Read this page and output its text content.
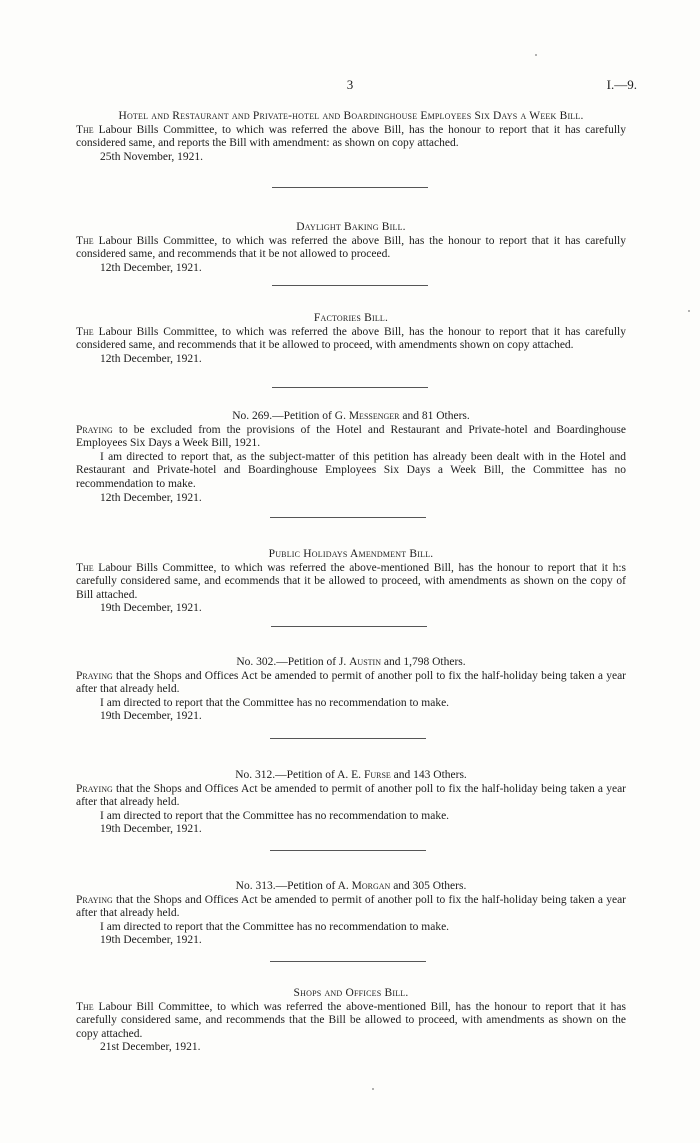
3	I.—9.
Hotel and Restaurant and Private-hotel and Boardinghouse Employees Six Days a Week Bill.
The Labour Bills Committee, to which was referred the above Bill, has the honour to report that it has carefully considered same, and reports the Bill with amendment: as shown on copy attached.
25th November, 1921.
Daylight Baking Bill.
The Labour Bills Committee, to which was referred the above Bill, has the honour to report that it has carefully considered same, and recommends that it be not allowed to proceed.
12th December, 1921.
Factories Bill.
The Labour Bills Committee, to which was referred the above Bill, has the honour to report that it has carefully considered same, and recommends that it be allowed to proceed, with amendments shown on copy attached.
12th December, 1921.
No. 269.—Petition of G. Messenger and 81 Others.
Praying to be excluded from the provisions of the Hotel and Restaurant and Private-hotel and Boardinghouse Employees Six Days a Week Bill, 1921.
I am directed to report that, as the subject-matter of this petition has already been dealt with in the Hotel and Restaurant and Private-hotel and Boardinghouse Employees Six Days a Week Bill, the Committee has no recommendation to make.
12th December, 1921.
Public Holidays Amendment Bill.
The Labour Bills Committee, to which was referred the above-mentioned Bill, has the honour to report that it h:s carefully considered same, and ecommends that it be allowed to proceed, with amendments as shown on the copy of Bill attached.
19th December, 1921.
No. 302.—Petition of J. Austin and 1,798 Others.
Praying that the Shops and Offices Act be amended to permit of another poll to fix the half-holiday being taken a year after that already held.
I am directed to report that the Committee has no recommendation to make.
19th December, 1921.
No. 312.—Petition of A. E. Furse and 143 Others.
Praying that the Shops and Offices Act be amended to permit of another poll to fix the half-holiday being taken a year after that already held.
I am directed to report that the Committee has no recommendation to make.
19th December, 1921.
No. 313.—Petition of A. Morgan and 305 Others.
Praying that the Shops and Offices Act be amended to permit of another poll to fix the half-holiday being taken a year after that already held.
I am directed to report that the Committee has no recommendation to make.
19th December, 1921.
Shops and Offices Bill.
The Labour Bill Committee, to which was referred the above-mentioned Bill, has the honour to report that it has carefully considered same, and recommends that the Bill be allowed to proceed, with amendments as shown on the copy attached.
21st December, 1921.
